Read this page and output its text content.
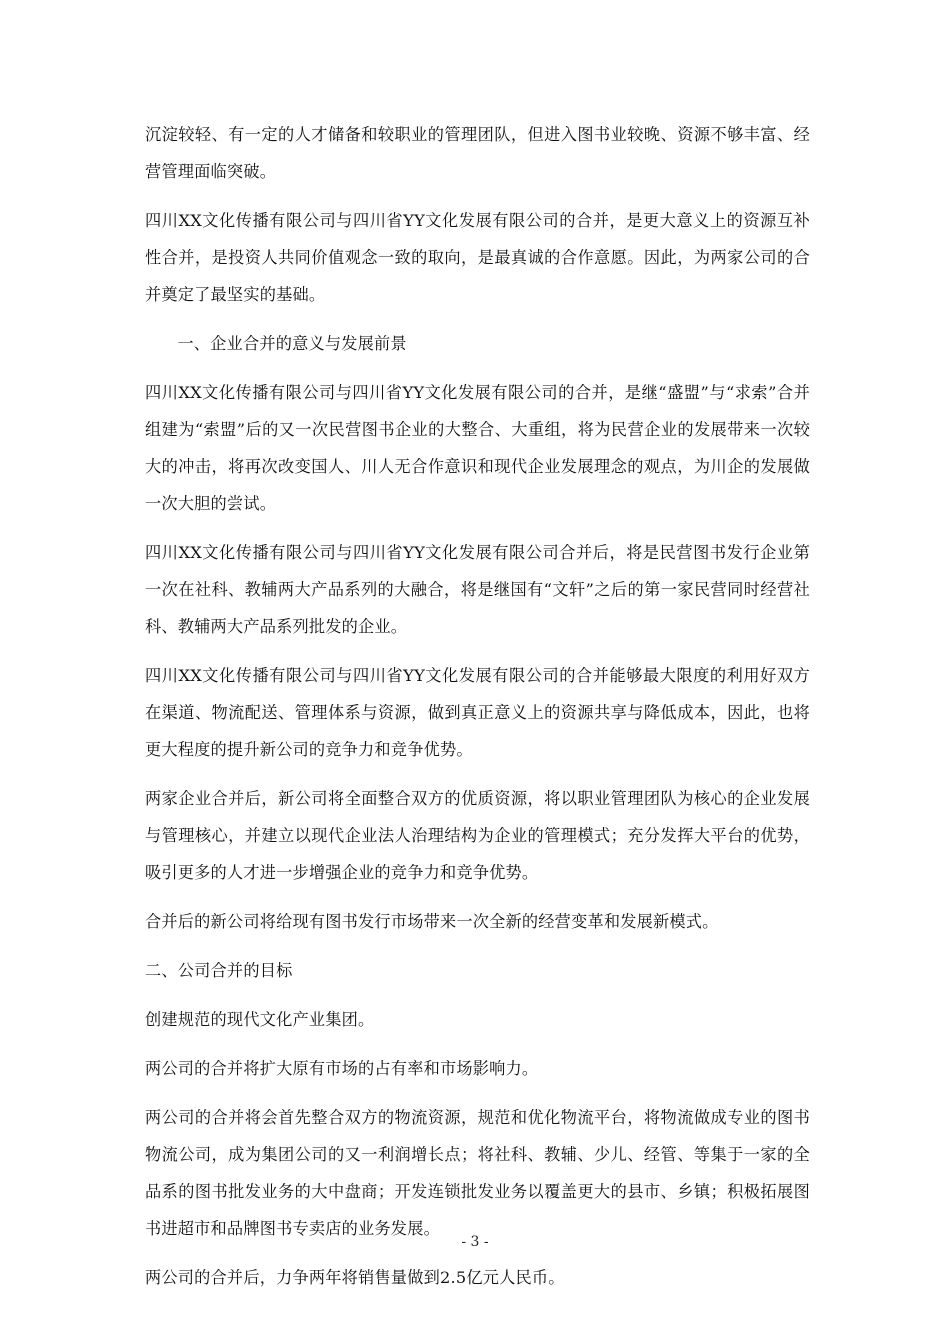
沉淀较轻、有一定的人才储备和较职业的管理团队，但进入图书业较晚、资源不够丰富、经营管理面临突破。

四川XX文化传播有限公司与四川省YY文化发展有限公司的合并，是更大意义上的资源互补性合并，是投资人共同价值观念一致的取向，是最真诚的合作意愿。因此，为两家公司的合并奠定了最坚实的基础。

一、企业合并的意义与发展前景

四川XX文化传播有限公司与四川省YY文化发展有限公司的合并，是继“盛盟”与“求索”合并组建为“索盟”后的又一次民营图书企业的大整合、大重组，将为民营企业的发展带来一次较大的冲击，将再次改变国人、川人无合作意识和现代企业发展理念的观点，为川企的发展做一次大胆的尝试。

四川XX文化传播有限公司与四川省YY文化发展有限公司合并后，将是民营图书发行企业第一次在社科、教辅两大产品系列的大融合，将是继国有“文轩”之后的第一家民营同时经营社科、教辅两大产品系列批发的企业。

四川XX文化传播有限公司与四川省YY文化发展有限公司的合并能够最大限度的利用好双方在渠道、物流配送、管理体系与资源，做到真正意义上的资源共享与降低成本，因此，也将更大程度的提升新公司的竞争力和竞争优势。

两家企业合并后，新公司将全面整合双方的优质资源，将以职业管理团队为核心的企业发展与管理核心，并建立以现代企业法人治理结构为企业的管理模式；充分发挥大平台的优势，吸引更多的人才进一步增强企业的竞争力和竞争优势。

合并后的新公司将给现有图书发行市场带来一次全新的经营变革和发展新模式。

二、公司合并的目标

创建规范的现代文化产业集团。

两公司的合并将扩大原有市场的占有率和市场影响力。

两公司的合并将会首先整合双方的物流资源，规范和优化物流平台，将物流做成专业的图书物流公司，成为集团公司的又一利润增长点；将社科、教辅、少儿、经管、等集于一家的全品系的图书批发业务的大中盘商；开发连锁批发业务以覆盖更大的县市、乡镇；积极拓展图书进超市和品牌图书专卖店的业务发展。

两公司的合并后，力争两年将销售量做到2.5亿元人民币。

- 3 -
